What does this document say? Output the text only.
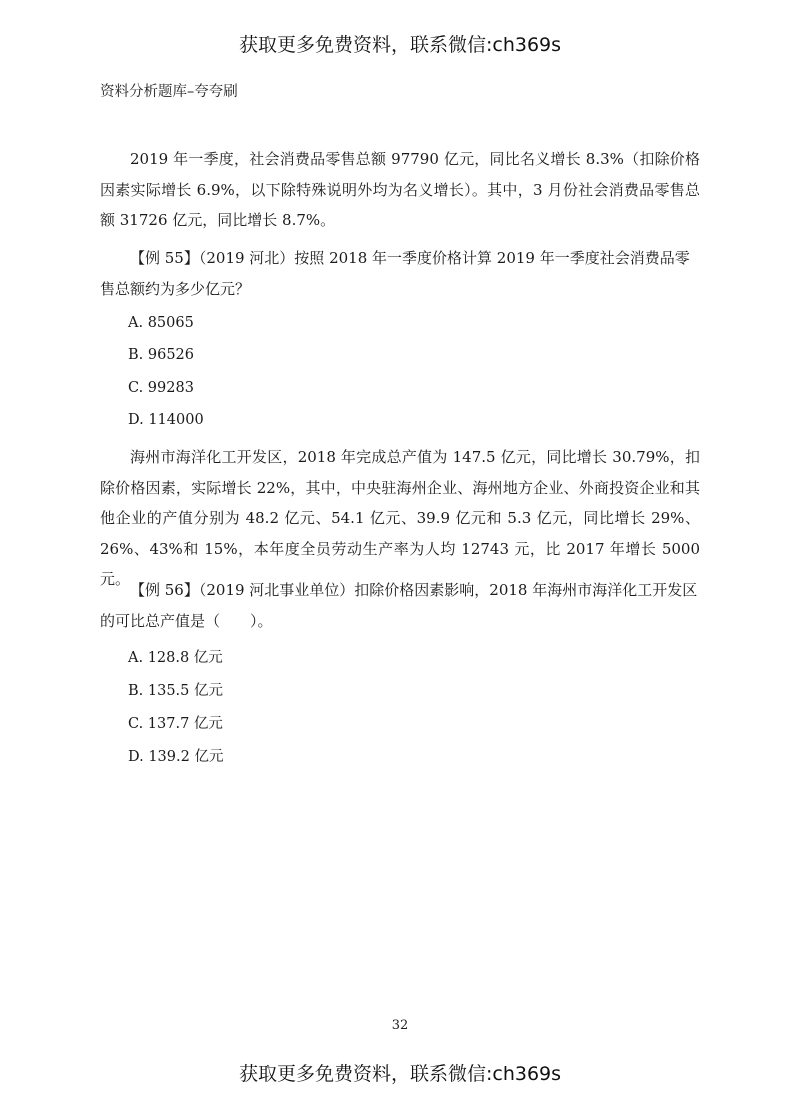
获取更多免费资料，联系微信:ch369s
资料分析题库–夸夸刷
2019 年一季度，社会消费品零售总额 97790 亿元，同比名义增长 8.3%（扣除价格因素实际增长 6.9%，以下除特殊说明外均为名义增长）。其中，3 月份社会消费品零售总额 31726 亿元，同比增长 8.7%。
【例 55】（2019 河北）按照 2018 年一季度价格计算 2019 年一季度社会消费品零售总额约为多少亿元？
A. 85065
B. 96526
C. 99283
D. 114000
海州市海洋化工开发区，2018 年完成总产值为 147.5 亿元，同比增长 30.79%，扣除价格因素，实际增长 22%，其中，中央驻海州企业、海州地方企业、外商投资企业和其他企业的产值分别为 48.2 亿元、54.1 亿元、39.9 亿元和 5.3 亿元，同比增长 29%、26%、43%和 15%，本年度全员劳动生产率为人均 12743 元，比 2017 年增长 5000 元。
【例 56】（2019 河北事业单位）扣除价格因素影响，2018 年海州市海洋化工开发区的可比总产值是（　　）。
A. 128.8 亿元
B. 135.5 亿元
C. 137.7 亿元
D. 139.2 亿元
32
获取更多免费资料，联系微信:ch369s
